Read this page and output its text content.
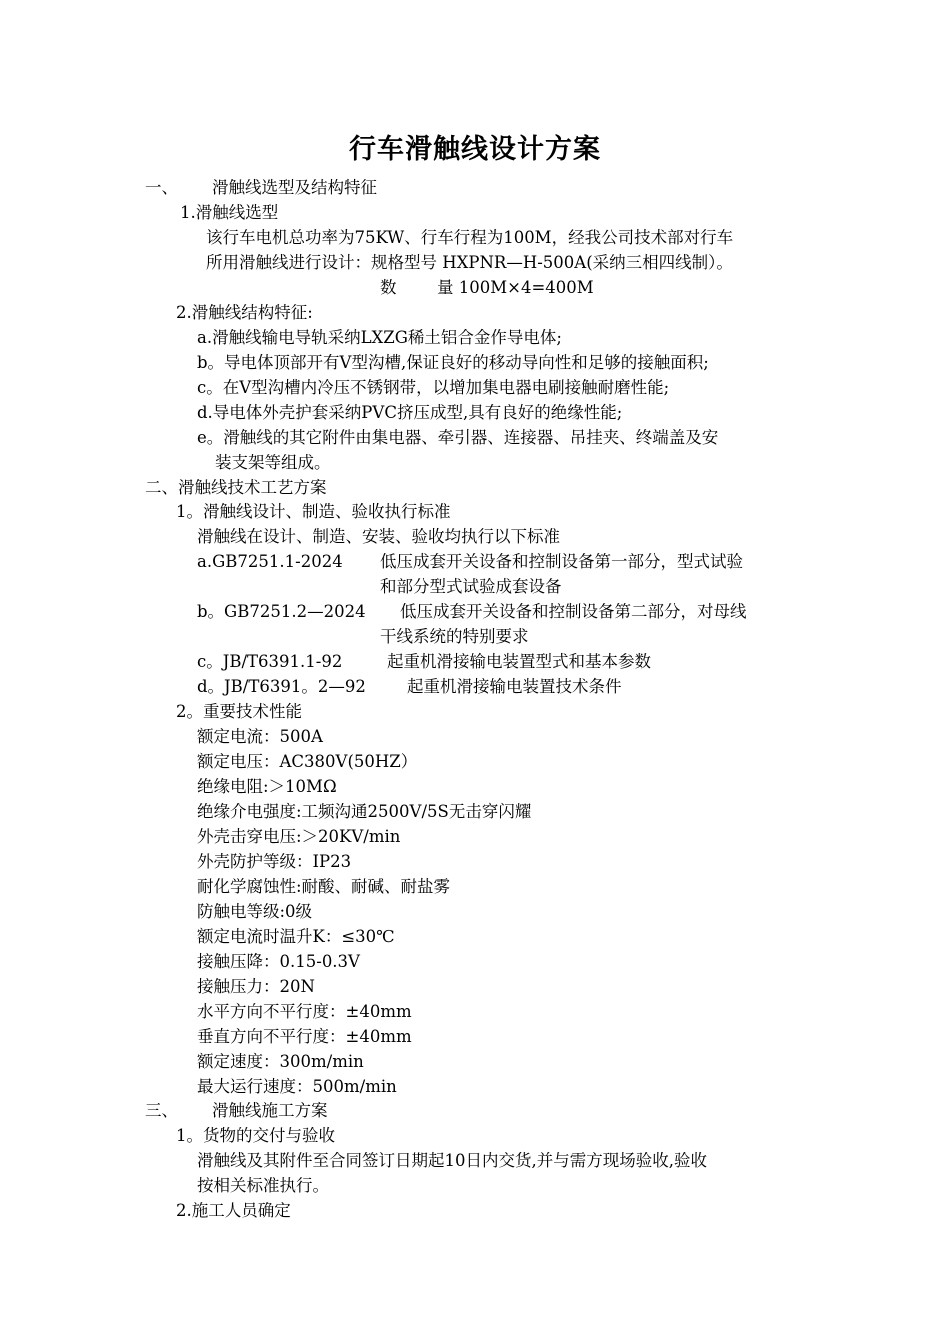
行车滑触线设计方案
一、 滑触线选型及结构特征
1.滑触线选型
该行车电机总功率为75KW、行车行程为100M，经我公司技术部对行车
所用滑触线进行设计：规格型号 HXPNR—H-500A(采纳三相四线制）。
数 量 100M×4=400M
2.滑触线结构特征:
a.滑触线输电导轨采纳LXZG稀土铝合金作导电体;
b。导电体顶部开有V型沟槽,保证良好的移动导向性和足够的接触面积;
c。在V型沟槽内冷压不锈钢带，以增加集电器电刷接触耐磨性能;
d.导电体外壳护套采纳PVC挤压成型,具有良好的绝缘性能;
e。滑触线的其它附件由集电器、牵引器、连接器、吊挂夹、终端盖及安
装支架等组成。
二、滑触线技术工艺方案
1。滑触线设计、制造、验收执行标准
滑触线在设计、制造、安装、验收均执行以下标准
a.GB7251.1-2024 低压成套开关设备和控制设备第一部分，型式试验
和部分型式试验成套设备
b。GB7251.2—2024 低压成套开关设备和控制设备第二部分，对母线
干线系统的特别要求
c。JB/T6391.1-92	起重机滑接输电装置型式和基本参数
d。JB/T6391。2—92 起重机滑接输电装置技术条件
2。重要技术性能
额定电流：500A
额定电压：AC380V(50HZ）
绝缘电阻:＞10MΩ
绝缘介电强度:工频沟通2500V/5S无击穿闪耀
外壳击穿电压:＞20KV/min
外壳防护等级：IP23
耐化学腐蚀性:耐酸、耐碱、耐盐雾
防触电等级:0级
额定电流时温升K：≤30℃
接触压降：0.15-0.3V
接触压力：20N
水平方向不平行度：±40mm
垂直方向不平行度：±40mm
额定速度：300m/min
最大运行速度：500m/min
三、 滑触线施工方案
1。货物的交付与验收
滑触线及其附件至合同签订日期起10日内交货,并与需方现场验收,验收
按相关标准执行。
2.施工人员确定
